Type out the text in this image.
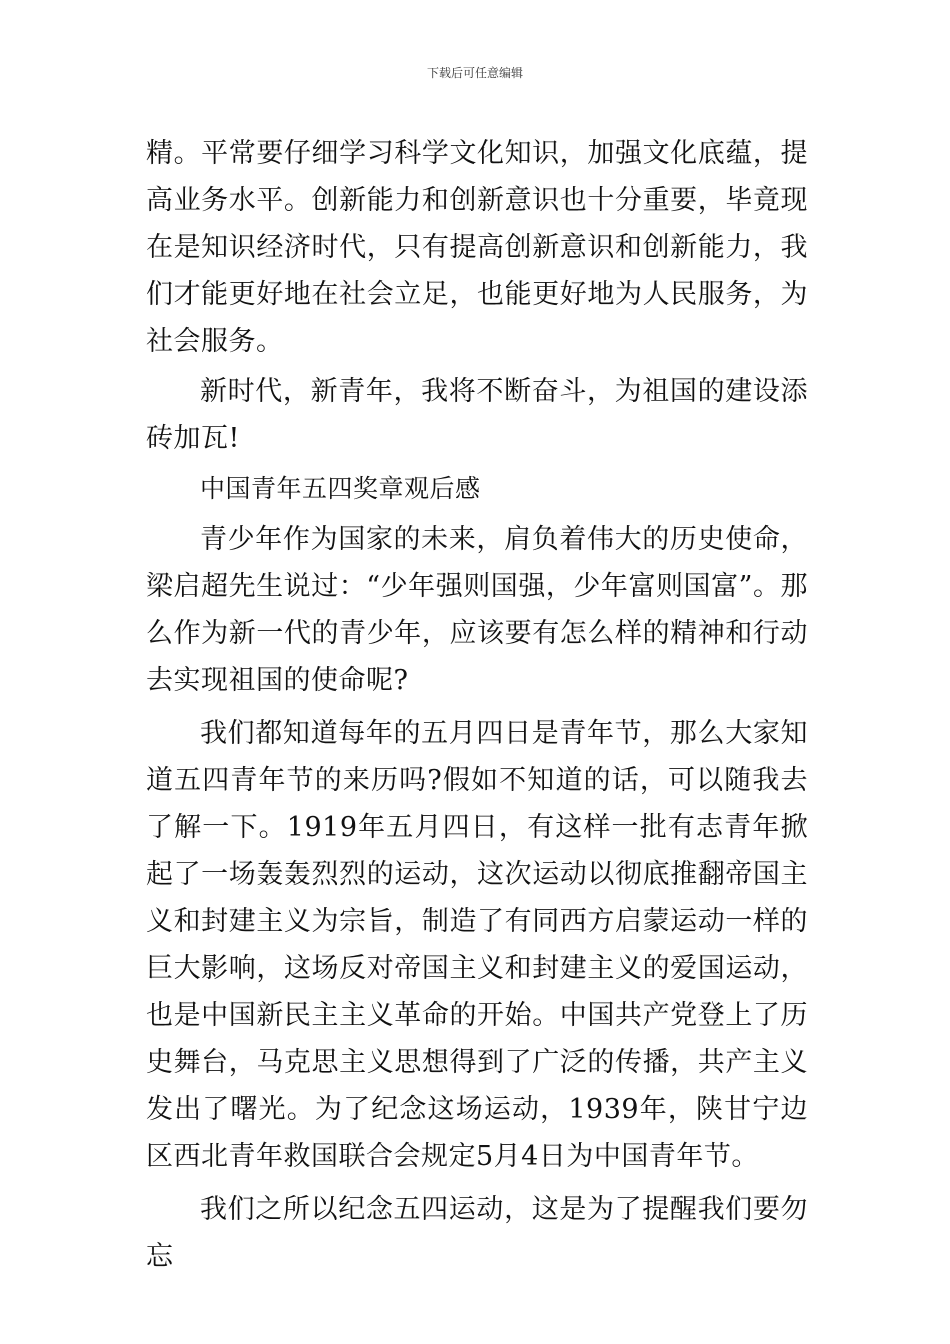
下载后可任意编辑

精。平常要仔细学习科学文化知识，加强文化底蕴，提高业务水平。创新能力和创新意识也十分重要，毕竟现在是知识经济时代，只有提高创新意识和创新能力，我们才能更好地在社会立足，也能更好地为人民服务，为社会服务。

新时代，新青年，我将不断奋斗，为祖国的建设添砖加瓦!

中国青年五四奖章观后感

青少年作为国家的未来，肩负着伟大的历史使命，梁启超先生说过：“少年强则国强，少年富则国富”。那么作为新一代的青少年，应该要有怎么样的精神和行动去实现祖国的使命呢?

我们都知道每年的五月四日是青年节，那么大家知道五四青年节的来历吗?假如不知道的话，可以随我去了解一下。1919年五月四日，有这样一批有志青年掀起了一场轰轰烈烈的运动，这次运动以彻底推翻帝国主义和封建主义为宗旨，制造了有同西方启蒙运动一样的巨大影响，这场反对帝国主义和封建主义的爱国运动，也是中国新民主主义革命的开始。中国共产党登上了历史舞台，马克思主义思想得到了广泛的传播，共产主义发出了曙光。为了纪念这场运动，1939年，陕甘宁边区西北青年救国联合会规定5月4日为中国青年节。

我们之所以纪念五四运动，这是为了提醒我们要勿忘
